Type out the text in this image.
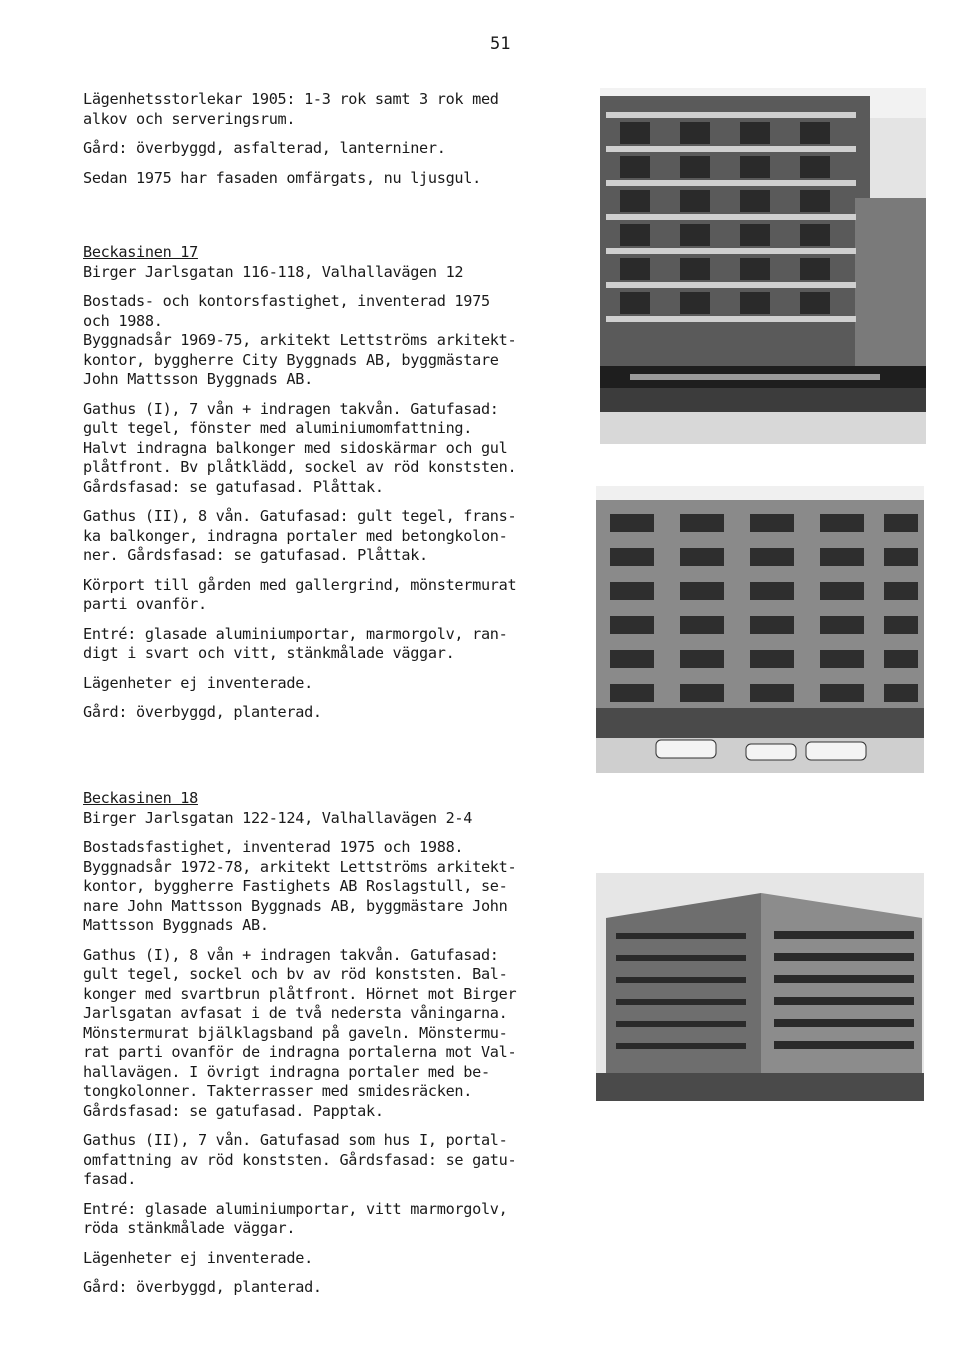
51

Lägenhetsstorlekar 1905: 1-3 rok samt 3 rok med

alkov och serveringsrum.

Gård: överbyggd, asfalterad, lanterniner.

Sedan 1975 har fasaden omfärgats, nu ljusgul.

Beckasinen 17

Birger Jarlsgatan 116-118, Valhallavägen 12

Bostads- och kontorsfastighet, inventerad 1975

och 1988.

Byggnadsår 1969-75, arkitekt Lettströms arkitekt-

kontor, byggherre City Byggnads AB, byggmästare

John Mattsson Byggnads AB.

Gathus (I), 7 vån + indragen takvån. Gatufasad:

gult tegel, fönster med aluminiumomfattning.

Halvt indragna balkonger med sidoskärmar och gul

plåtfront. Bv plåtklädd, sockel av röd konststen.

Gårdsfasad: se gatufasad. Plåttak.

Gathus (II), 8 vån. Gatufasad: gult tegel, frans-

ka balkonger, indragna portaler med betongkolon-

ner. Gårdsfasad: se gatufasad. Plåttak.

Körport till gården med gallergrind, mönstermurat

parti ovanför.

Entré: glasade aluminiumportar, marmorgolv, ran-

digt i svart och vitt, stänkmålade väggar.

Lägenheter ej inventerade.

Gård: överbyggd, planterad.

Beckasinen 18

Birger Jarlsgatan 122-124, Valhallavägen 2-4

Bostadsfastighet, inventerad 1975 och 1988.

Byggnadsår 1972-78, arkitekt Lettströms arkitekt-

kontor, byggherre Fastighets AB Roslagstull, se-

nare John Mattsson Byggnads AB, byggmästare John

Mattsson Byggnads AB.

Gathus (I), 8 vån + indragen takvån. Gatufasad:

gult tegel, sockel och bv av röd konststen. Bal-

konger med svartbrun plåtfront. Hörnet mot Birger

Jarlsgatan avfasat i de två nedersta våningarna.

Mönstermurat bjälklagsband på gaveln. Mönstermu-

rat parti ovanför de indragna portalerna mot Val-

hallavägen. I övrigt indragna portaler med be-

tongkolonner. Takterrasser med smidesräcken.

Gårdsfasad: se gatufasad. Papptak.

Gathus (II), 7 vån. Gatufasad som hus I, portal-

omfattning av röd konststen. Gårdsfasad: se gatu-

fasad.

Entré: glasade aluminiumportar, vitt marmorgolv,

röda stänkmålade väggar.

Lägenheter ej inventerade.

Gård: överbyggd, planterad.
